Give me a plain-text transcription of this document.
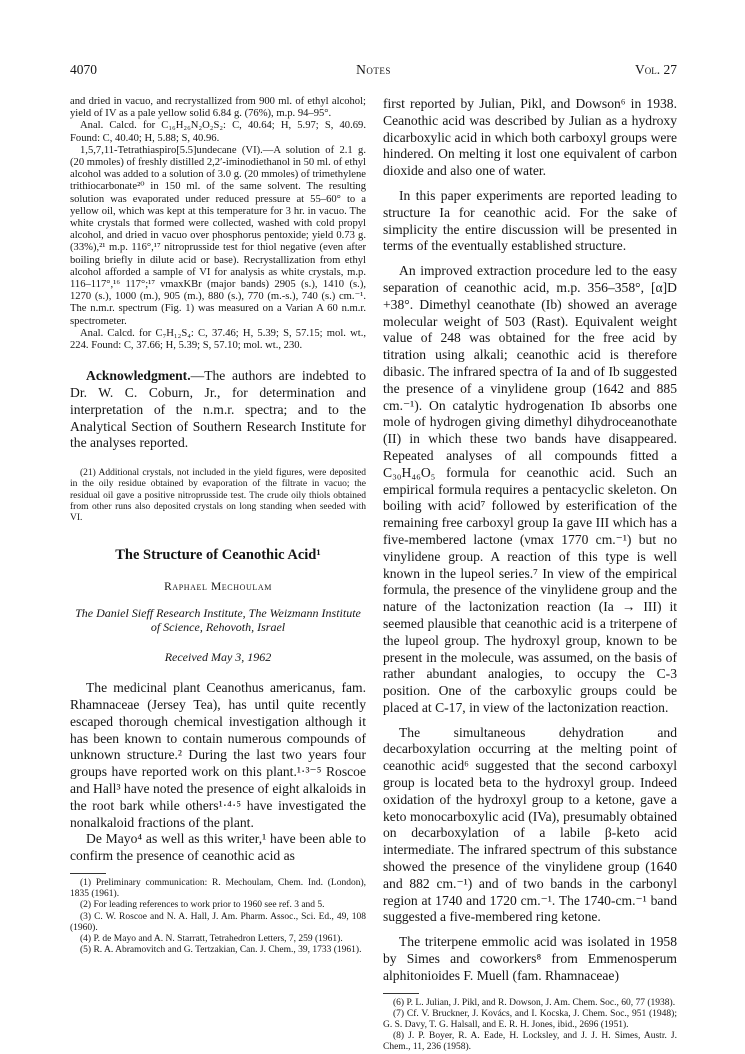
4070	Notes	Vol. 27

and dried in vacuo, and recrystallized from 900 ml. of ethyl alcohol; yield of IV as a pale yellow solid 6.84 g. (76%), m.p. 94–95°.

Anal. Calcd. for C₁₆H₂₆N₂O₂S₂: C, 40.64; H, 5.97; S, 40.69. Found: C, 40.40; H, 5.88; S, 40.96.

1,5,7,11-Tetrathiaspiro[5.5]undecane (VI).—A solution of 2.1 g. (20 mmoles) of freshly distilled 2,2′-iminodiethanol in 50 ml. of ethyl alcohol was added to a solution of 3.0 g. (20 mmoles) of trimethylene trithiocarbonate²⁰ in 150 ml. of the same solvent. The resulting solution was evaporated under reduced pressure at 55–60° to a yellow oil, which was kept at this temperature for 3 hr. in vacuo. The white crystals that formed were collected, washed with cold propyl alcohol, and dried in vacuo over phosphorus pentoxide; yield 0.73 g. (33%),²¹ m.p. 116°,¹⁷ nitroprusside test for thiol negative (even after boiling briefly in dilute acid or base). Recrystallization from ethyl alcohol afforded a sample of VI for analysis as white crystals, m.p. 116–117°,¹⁶ 117°;¹⁷ νmaxKBr (major bands) 2905 (s.), 1410 (s.), 1270 (s.), 1000 (m.), 905 (m.), 880 (s.), 770 (m.-s.), 740 (s.) cm.⁻¹. The n.m.r. spectrum (Fig. 1) was measured on a Varian A 60 n.m.r. spectrometer.

Anal. Calcd. for C₇H₁₂S₄: C, 37.46; H, 5.39; S, 57.15; mol. wt., 224. Found: C, 37.66; H, 5.39; S, 57.10; mol. wt., 230.

Acknowledgment.—The authors are indebted to Dr. W. C. Coburn, Jr., for determination and interpretation of the n.m.r. spectra; and to the Analytical Section of Southern Research Institute for the analyses reported.

(21) Additional crystals, not included in the yield figures, were deposited in the oily residue obtained by evaporation of the filtrate in vacuo; the residual oil gave a positive nitroprusside test. The crude oily thiols obtained from other runs also deposited crystals on long standing when seeded with VI.

The Structure of Ceanothic Acid¹
Raphael Mechoulam
The Daniel Sieff Research Institute, The Weizmann Institute of Science, Rehovoth, Israel
Received May 3, 1962

The medicinal plant Ceanothus americanus, fam. Rhamnaceae (Jersey Tea), has until quite recently escaped thorough chemical investigation although it has been known to contain numerous compounds of unknown structure.² During the last two years four groups have reported work on this plant.¹·³⁻⁵ Roscoe and Hall³ have noted the presence of eight alkaloids in the root bark while others¹·⁴·⁵ have investigated the nonalkaloid fractions of the plant.

De Mayo⁴ as well as this writer,¹ have been able to confirm the presence of ceanothic acid as

(1) Preliminary communication: R. Mechoulam, Chem. Ind. (London), 1835 (1961).

(2) For leading references to work prior to 1960 see ref. 3 and 5.

(3) C. W. Roscoe and N. A. Hall, J. Am. Pharm. Assoc., Sci. Ed., 49, 108 (1960).

(4) P. de Mayo and A. N. Starratt, Tetrahedron Letters, 7, 259 (1961).

(5) R. A. Abramovitch and G. Tertzakian, Can. J. Chem., 39, 1733 (1961).

first reported by Julian, Pikl, and Dowson⁶ in 1938. Ceanothic acid was described by Julian as a hydroxy dicarboxylic acid in which both carboxyl groups were hindered. On melting it lost one equivalent of carbon dioxide and also one of water.

In this paper experiments are reported leading to structure Ia for ceanothic acid. For the sake of simplicity the entire discussion will be presented in terms of the eventually established structure.

An improved extraction procedure led to the easy separation of ceanothic acid, m.p. 356–358°, [α]D +38°. Dimethyl ceanothate (Ib) showed an average molecular weight of 503 (Rast). Equivalent weight value of 248 was obtained for the free acid by titration using alkali; ceanothic acid is therefore dibasic. The infrared spectra of Ia and of Ib suggested the presence of a vinylidene group (1642 and 885 cm.⁻¹). On catalytic hydrogenation Ib absorbs one mole of hydrogen giving dimethyl dihydroceanothate (II) in which these two bands have disappeared. Repeated analyses of all compounds fitted a C₃₀H₄₆O₅ formula for ceanothic acid. Such an empirical formula requires a pentacyclic skeleton. On boiling with acid⁷ followed by esterification of the remaining free carboxyl group Ia gave III which has a five-membered lactone (νmax 1770 cm.⁻¹) but no vinylidene group. A reaction of this type is well known in the lupeol series.⁷ In view of the empirical formula, the presence of the vinylidene group and the nature of the lactonization reaction (Ia → III) it seemed plausible that ceanothic acid is a triterpene of the lupeol group. The hydroxyl group, known to be present in the molecule, was assumed, on the basis of rather abundant analogies, to occupy the C-3 position. One of the carboxylic groups could be placed at C-17, in view of the lactonization reaction.

The simultaneous dehydration and decarboxylation occurring at the melting point of ceanothic acid⁶ suggested that the second carboxyl group is located beta to the hydroxyl group. Indeed oxidation of the hydroxyl group to a ketone, gave a keto monocarboxylic acid (IVa), presumably obtained on decarboxylation of a labile β-keto acid intermediate. The infrared spectrum of this substance showed the presence of the vinylidene group (1640 and 882 cm.⁻¹) and of two bands in the carbonyl region at 1740 and 1720 cm.⁻¹. The 1740-cm.⁻¹ band suggested a five-membered ring ketone.

The triterpene emmolic acid was isolated in 1958 by Simes and coworkers⁸ from Emmenosperum alphitonioides F. Muell (fam. Rhamnaceae)

(6) P. L. Julian, J. Pikl, and R. Dowson, J. Am. Chem. Soc., 60, 77 (1938).

(7) Cf. V. Bruckner, J. Kovács, and I. Kocska, J. Chem. Soc., 951 (1948); G. S. Davy, T. G. Halsall, and E. R. H. Jones, ibid., 2696 (1951).

(8) J. P. Boyer, R. A. Eade, H. Locksley, and J. J. H. Simes, Austr. J. Chem., 11, 236 (1958).
